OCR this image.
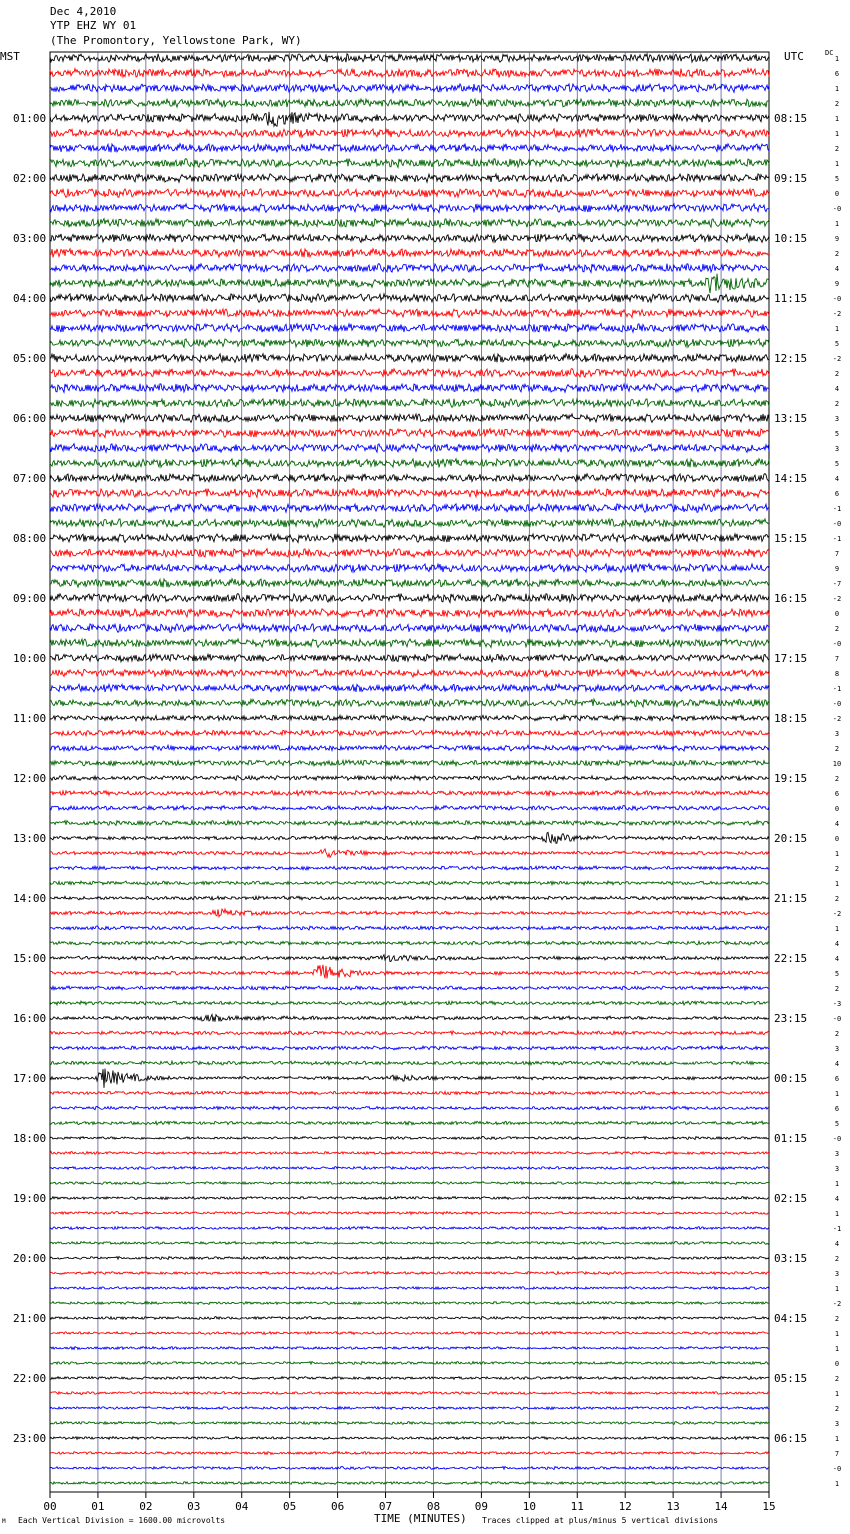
Dec 4,2010
YTP EHZ WY 01
(The Promontory, Yellowstone Park, WY)
MST	UTC	DC
01:00
02:00
03:00
04:00
05:00
06:00
07:00
08:00
09:00
10:00
11:00
12:00
13:00
14:00
15:00
16:00
17:00
18:00
19:00
20:00
21:00
22:00
23:00
08:15
09:15
10:15
11:15
12:15
13:15
14:15
15:15
16:15
17:15
18:15
19:15
20:15
21:15
22:15
23:15
00:15
01:15
02:15
03:15
04:15
05:15
06:15
1
6
1
2
1
1
2
1
5
0
-0
1
9
2
4
9
-0
-2
1
5
-2
2
4
2
3
5
3
5
4
6
-1
-0
-1
7
9
-7
-2
0
2
-0
7
8
-1
-0
-2
3
2
10
2
6
0
4
0
1
2
1
2
-2
1
4
4
5
2
-3
-0
2
3
4
6
1
6
5
-0
3
3
1
4
1
-1
4
2
3
1
-2
2
1
1
0
2
1
2
3
1
7
-0
1
00	01	02	03	04	05	06	07	08	09	10	11	12	13	14	15
M Each Vertical Division = 1600.00 microvolts	TIME (MINUTES) Traces clipped at plus/minus 5 vertical divisions
